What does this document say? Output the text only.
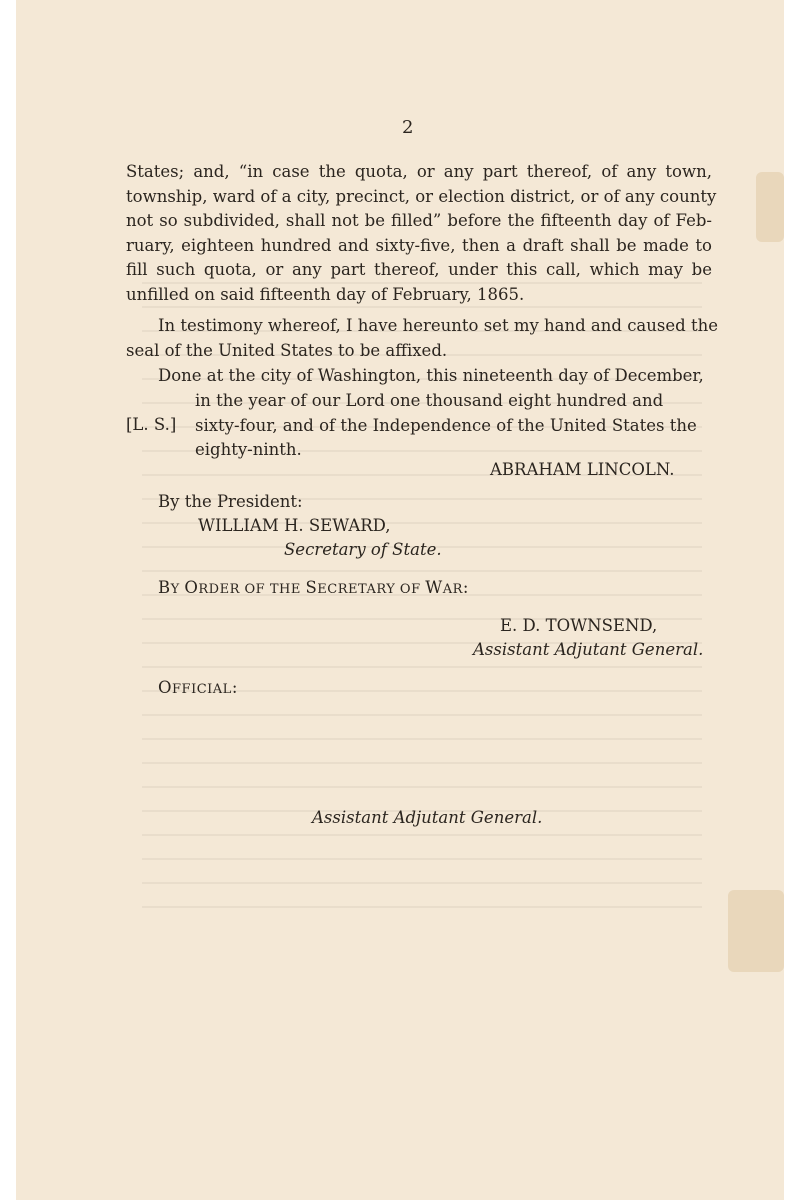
2
States; and, “in case the quota, or any part thereof, of any town,
township, ward of a city, precinct, or election district, or of any county
not so subdivided, shall not be filled” before the fifteenth day of Feb-
ruary, eighteen hundred and sixty-five, then a draft shall be made to
fill such quota, or any part thereof, under this call, which may be
unfilled on said fifteenth day of February, 1865.
In testimony whereof, I have hereunto set my hand and caused the
seal of the United States to be affixed.
Done at the city of Washington, this nineteenth day of December,
in the year of our Lord one thousand eight hundred and
sixty-four, and of the Independence of the United States the
eighty-ninth.
[L. S.]
ABRAHAM LINCOLN.
By the President:
WILLIAM H. SEWARD,
Secretary of State.
BY ORDER OF THE SECRETARY OF WAR:
E. D. TOWNSEND,
Assistant Adjutant General.
OFFICIAL:
Assistant Adjutant General.
